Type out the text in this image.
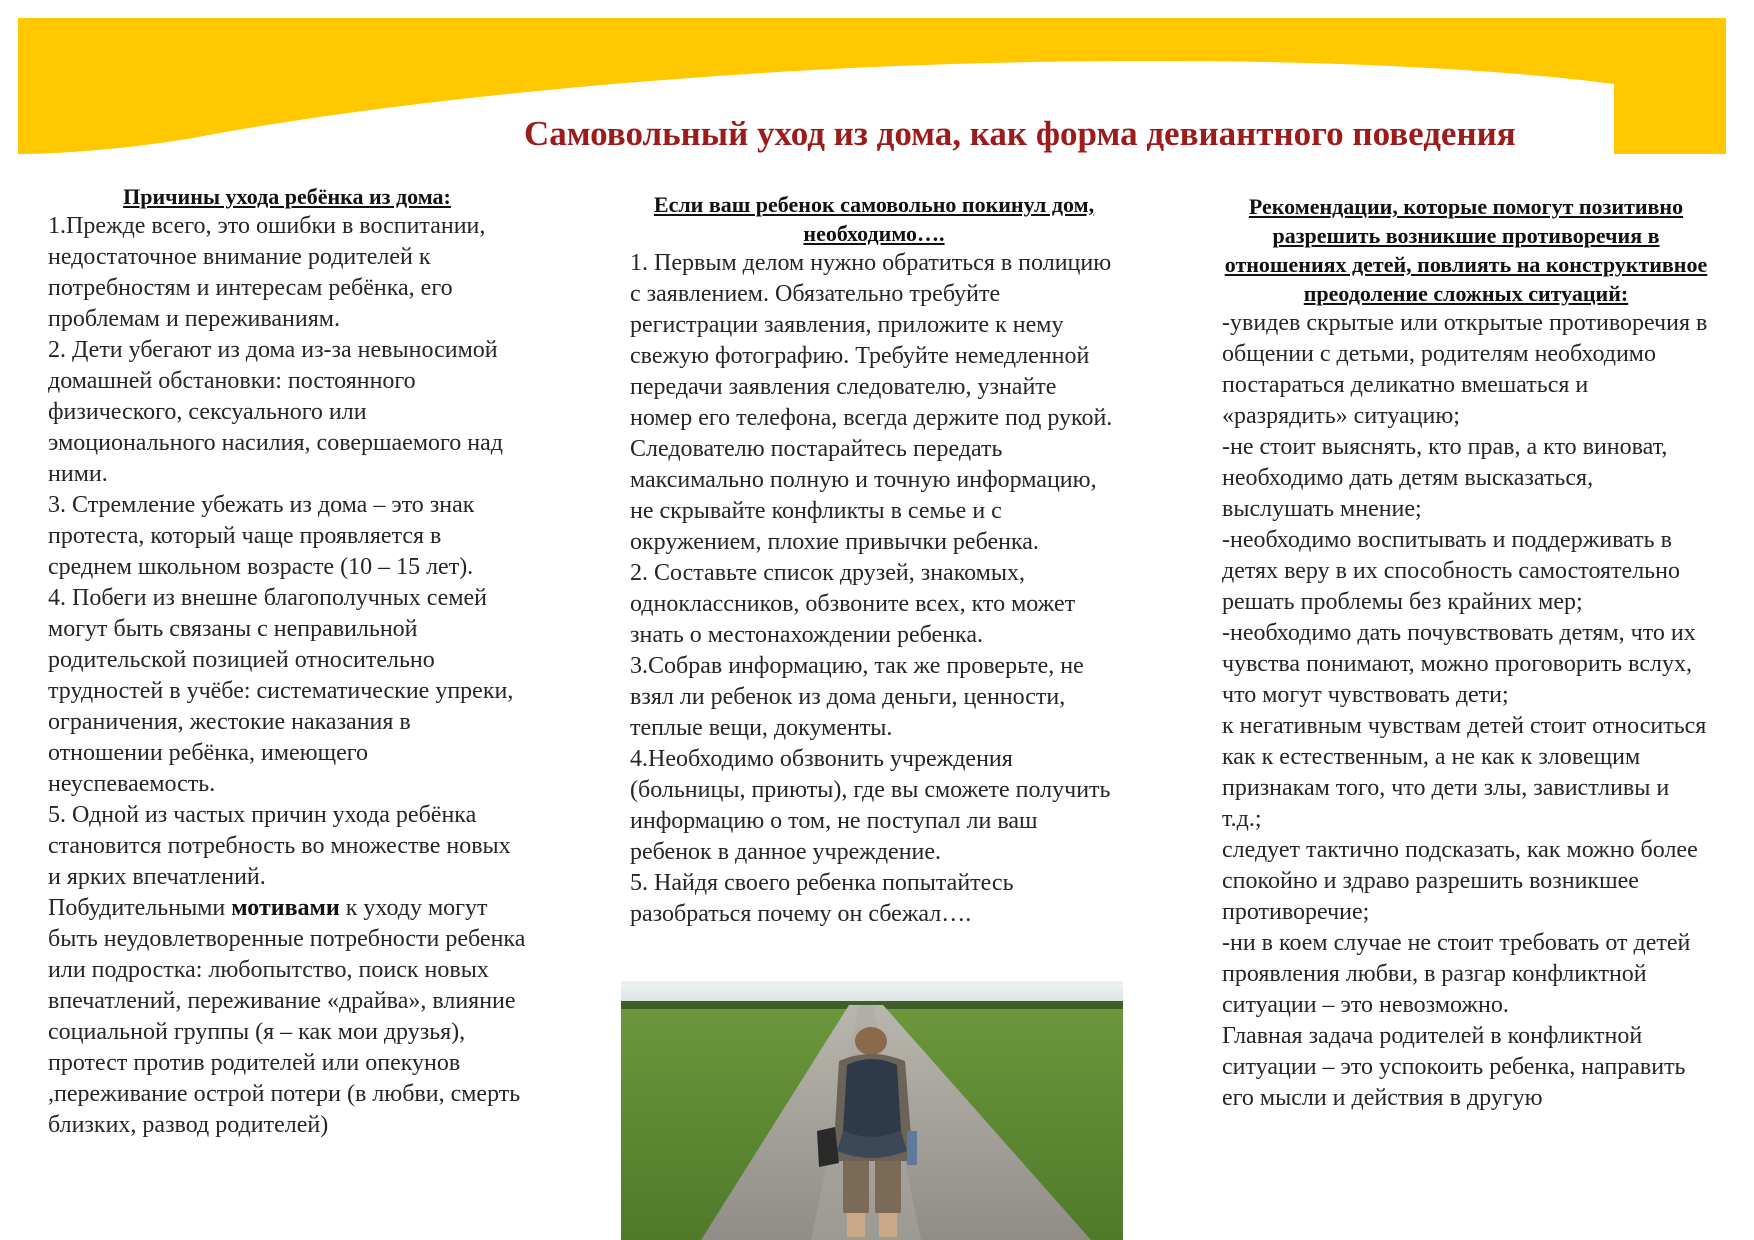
Самовольный уход из дома, как форма девиантного поведения

Причины ухода ребёнка из дома:

1.Прежде всего, это ошибки в воспитании, недостаточное внимание родителей к потребностям и интересам ребёнка, его проблемам и переживаниям.

2. Дети убегают из дома из-за невыносимой домашней обстановки: постоянного физического, сексуального или эмоционального насилия, совершаемого над ними.

3. Стремление убежать из дома – это знак протеста, который чаще проявляется в среднем школьном возрасте (10 – 15 лет).

4. Побеги из внешне благополучных семей могут быть связаны с неправильной родительской позицией относительно трудностей в учёбе: систематические упреки, ограничения, жестокие наказания в отношении ребёнка, имеющего неуспеваемость.

5. Одной из частых причин ухода ребёнка становится потребность во множестве новых и ярких впечатлений.

Побудительными мотивами к уходу могут быть неудовлетворенные потребности ребенка или подростка: любопытство, поиск новых впечатлений, переживание «драйва», влияние социальной группы (я – как мои друзья), протест против родителей или опекунов ,переживание острой потери (в любви, смерть близких, развод родителей)

Если ваш ребенок самовольно покинул дом, необходимо….

1. Первым делом нужно обратиться в полицию с заявлением. Обязательно требуйте регистрации заявления, приложите к нему свежую фотографию. Требуйте немедленной передачи заявления следователю, узнайте номер его телефона, всегда держите под рукой. Следователю постарайтесь передать максимально полную и точную информацию, не скрывайте конфликты в семье и с окружением, плохие привычки ребенка.

2. Составьте список друзей, знакомых, одноклассников, обзвоните всех, кто может знать о местонахождении ребенка.

3.Собрав информацию, так же проверьте, не взял ли ребенок из дома деньги, ценности, теплые вещи, документы.

4.Необходимо обзвонить учреждения (больницы, приюты), где вы сможете получить информацию о том, не поступал ли ваш ребенок в данное учреждение.

5. Найдя своего ребенка попытайтесь разобраться почему он сбежал….

Рекомендации, которые помогут позитивно разрешить возникшие противоречия в отношениях детей, повлиять на конструктивное преодоление сложных ситуаций:

-увидев скрытые или открытые противоречия в общении с детьми, родителям необходимо постараться деликатно вмешаться и «разрядить» ситуацию;

-не стоит выяснять, кто прав, а кто виноват, необходимо дать детям высказаться, выслушать мнение;

-необходимо воспитывать и поддерживать в детях веру в их способность самостоятельно решать проблемы без крайних мер;

-необходимо дать почувствовать детям, что их чувства понимают, можно проговорить вслух, что могут чувствовать дети;

к негативным чувствам детей стоит относиться как к естественным, а не как к зловещим признакам того, что дети злы, завистливы и т.д.;

следует тактично подсказать, как можно более спокойно и здраво разрешить возникшее противоречие;

-ни в коем случае не стоит требовать от детей проявления любви, в разгар конфликтной ситуации – это невозможно.

Главная задача родителей в конфликтной ситуации – это успокоить ребенка, направить его мысли и действия в другую
